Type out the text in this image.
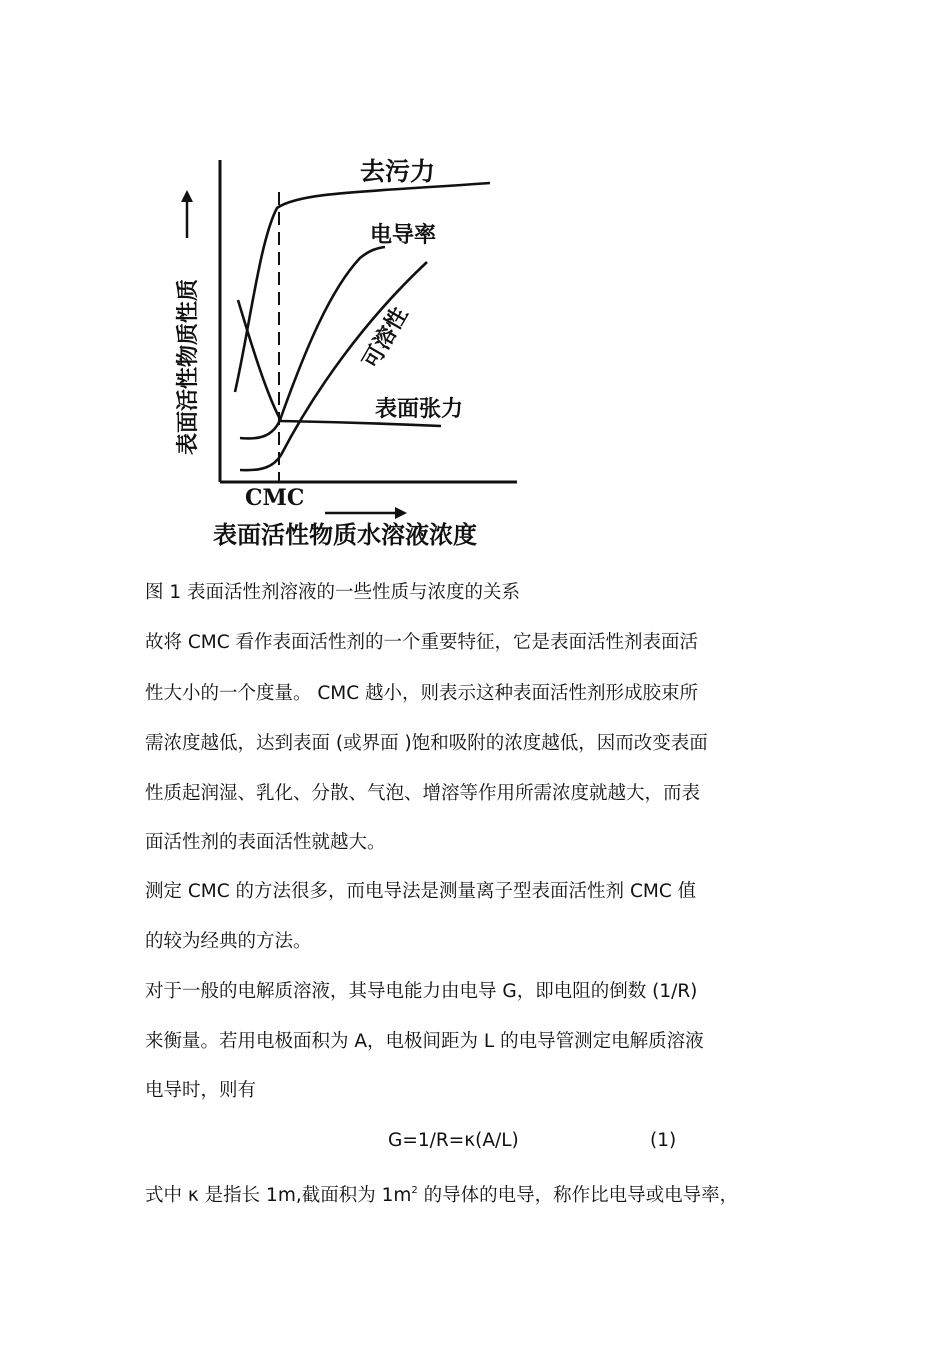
去污力
电导率
可溶性
表面张力
CMC
表面活性物质性质
表面活性物质水溶液浓度
图 1 表面活性剂溶液的一些性质与浓度的关系
故将 CMC 看作表面活性剂的一个重要特征，它是表面活性剂表面活
性大小的一个度量。 CMC 越小，则表示这种表面活性剂形成胶束所
需浓度越低，达到表面 (或界面 )饱和吸附的浓度越低，因而改变表面
性质起润湿、乳化、分散、气泡、增溶等作用所需浓度就越大，而表
面活性剂的表面活性就越大。
测定 CMC 的方法很多，而电导法是测量离子型表面活性剂 CMC 值
的较为经典的方法。
对于一般的电解质溶液，其导电能力由电导 G，即电阻的倒数 (1/R)
来衡量。若用电极面积为 A，电极间距为 L 的电导管测定电解质溶液
电导时，则有
G=1/R=κ(A/L)	(1)
式中 κ 是指长 1m,截面积为 $1m^2$ 的导体的电导，称作比电导或电导率，
